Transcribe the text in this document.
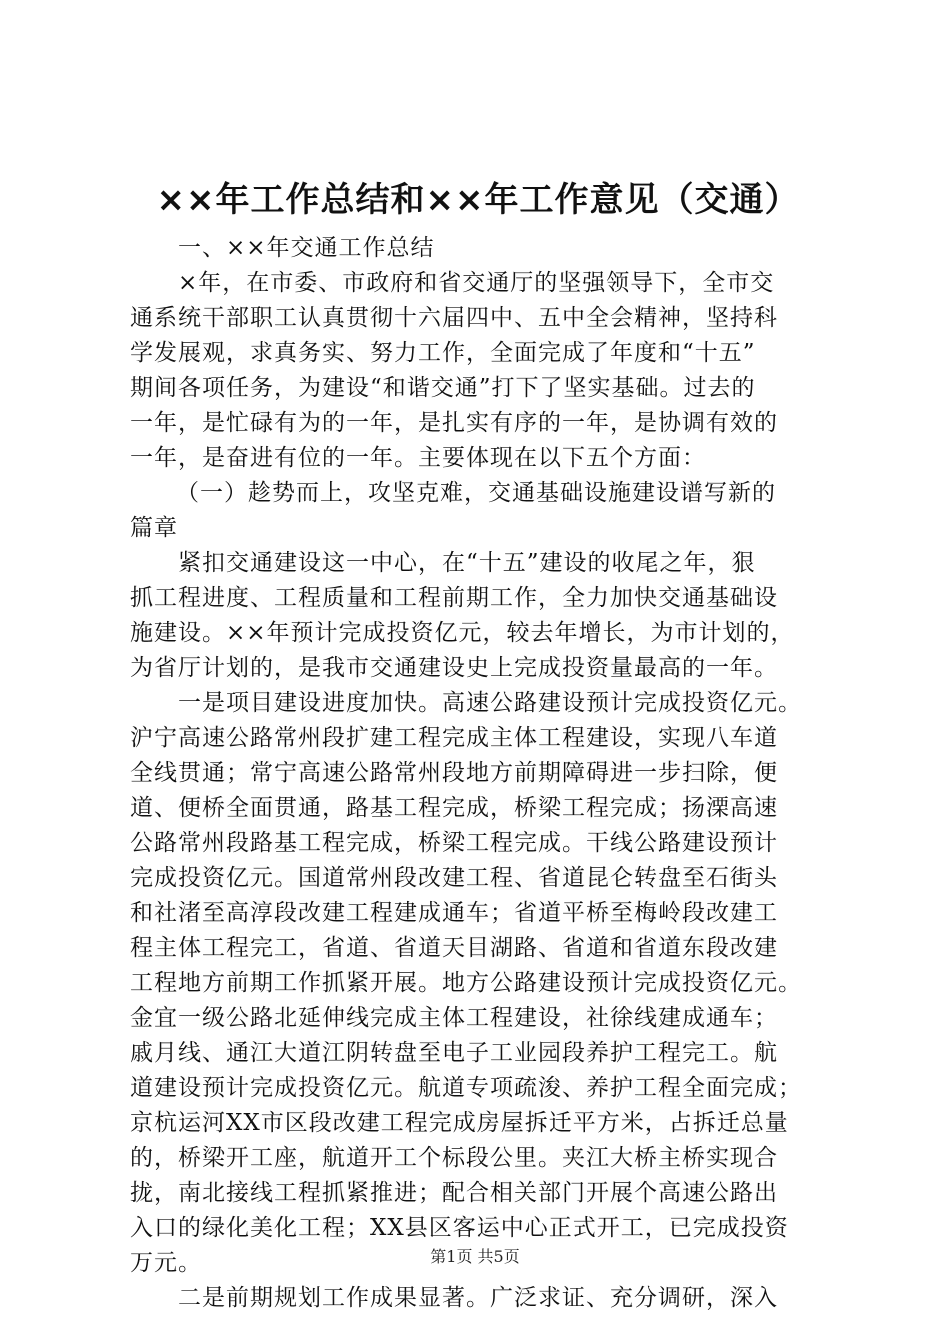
××年工作总结和××年工作意见（交通）
一、××年交通工作总结
×年，在市委、市政府和省交通厅的坚强领导下，全市交
通系统干部职工认真贯彻十六届四中、五中全会精神，坚持科
学发展观，求真务实、努力工作，全面完成了年度和“十五”
期间各项任务，为建设“和谐交通”打下了坚实基础。过去的
一年，是忙碌有为的一年，是扎实有序的一年，是协调有效的
一年，是奋进有位的一年。主要体现在以下五个方面：
（一）趁势而上，攻坚克难，交通基础设施建设谱写新的
篇章
紧扣交通建设这一中心，在“十五”建设的收尾之年，狠
抓工程进度、工程质量和工程前期工作，全力加快交通基础设
施建设。××年预计完成投资亿元，较去年增长，为市计划的，
为省厅计划的，是我市交通建设史上完成投资量最高的一年。
一是项目建设进度加快。高速公路建设预计完成投资亿元。
沪宁高速公路常州段扩建工程完成主体工程建设，实现八车道
全线贯通；常宁高速公路常州段地方前期障碍进一步扫除，便
道、便桥全面贯通，路基工程完成，桥梁工程完成；扬溧高速
公路常州段路基工程完成，桥梁工程完成。干线公路建设预计
完成投资亿元。国道常州段改建工程、省道昆仑转盘至石街头
和社渚至高淳段改建工程建成通车；省道平桥至梅岭段改建工
程主体工程完工，省道、省道天目湖路、省道和省道东段改建
工程地方前期工作抓紧开展。地方公路建设预计完成投资亿元。
金宜一级公路北延伸线完成主体工程建设，社徐线建成通车；
戚月线、通江大道江阴转盘至电子工业园段养护工程完工。航
道建设预计完成投资亿元。航道专项疏浚、养护工程全面完成；
京杭运河XX市区段改建工程完成房屋拆迁平方米，占拆迁总量
的，桥梁开工座，航道开工个标段公里。夹江大桥主桥实现合
拢，南北接线工程抓紧推进；配合相关部门开展个高速公路出
入口的绿化美化工程；XX县区客运中心正式开工，已完成投资
万元。
二是前期规划工作成果显著。广泛求证、充分调研，深入
第1页 共5页
